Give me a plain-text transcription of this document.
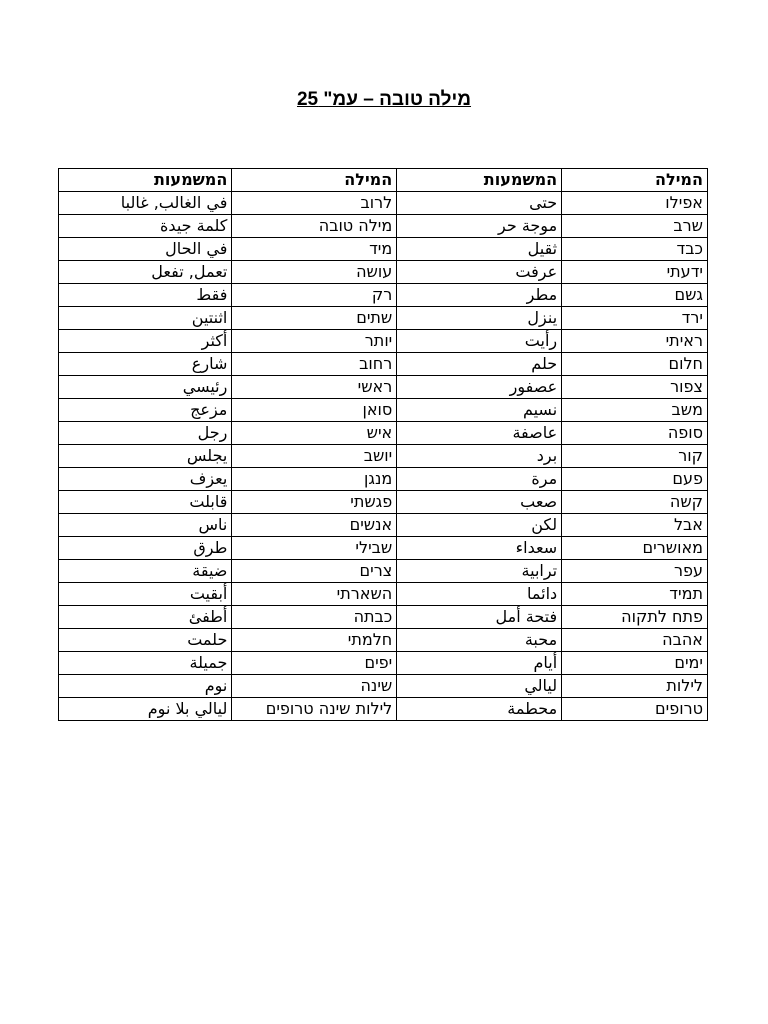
מילה טובה – עמ" 25
המילה	המשמעות	המילה	המשמעות
אפילו	حتى	לרוב	في الغالب, غالبا
שרב	موجة حر	מילה טובה	كلمة جيدة
כבד	ثقيل	מיד	في الحال
ידעתי	عرفت	עושה	تعمل, تفعل
גשם	مطر	רק	فقط
ירד	ينزل	שתים	اثنتين
ראיתי	رأيت	יותר	أكثر
חלום	حلم	רחוב	شارع
צפור	عصفور	ראשי	رئيسي
משב	نسيم	סואן	مزعج
סופה	عاصفة	איש	رجل
קור	برد	יושב	يجلس
פעם	مرة	מנגן	يعزف
קשה	صعب	פגשתי	قابلت
אבל	لكن	אנשים	ناس
מאושרים	سعداء	שבילי	طرق
עפר	ترابية	צרים	ضيقة
תמיד	دائما	השארתי	أبقيت
פתח לתקוה	فتحة أمل	כבתה	أطفئ
אהבה	محبة	חלמתי	حلمت
ימים	أيام	יפים	جميلة
לילות	ليالي	שינה	نوم
טרופים	محطمة	לילות שינה טרופים	ليالي بلا نوم
